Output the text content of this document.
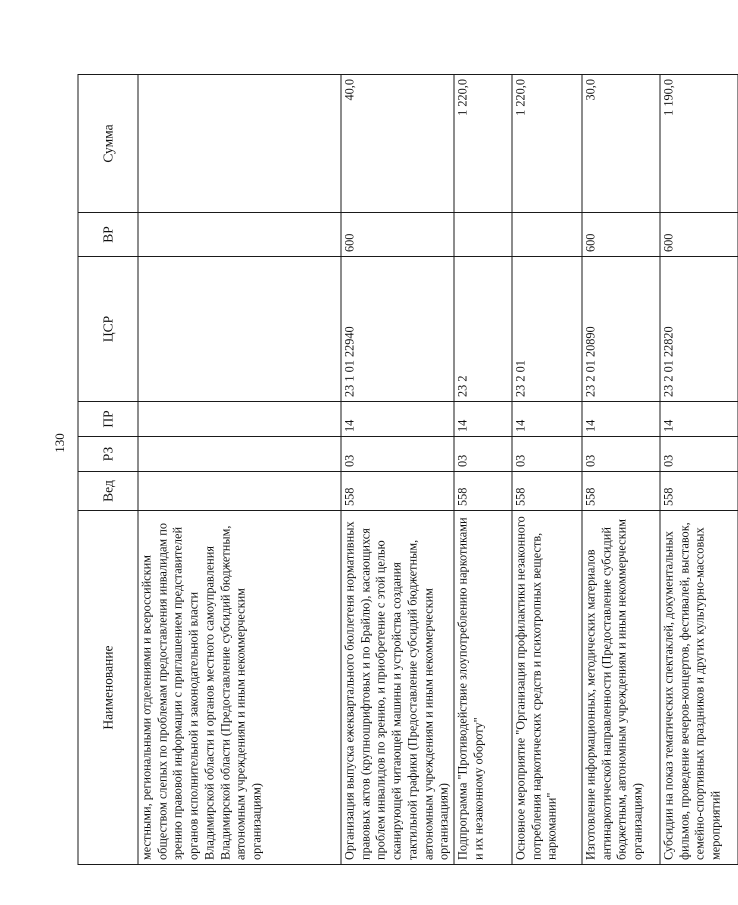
130
Наименование	Вед	РЗ	ПР	ЦСР	ВР	Сумма
местными, региональными отделениями и всероссийским обществом слепых по проблемам предоставления инвалидам по зрению правовой информации с приглашением представителей органов исполнительной и законодательной власти Владимирской области и органов местного самоуправления Владимирской области (Предоставление субсидий бюджетным, автономным учреждениям и иным некоммерческим организациям)						
Организация выпуска ежеквартального бюллетеня нормативных правовых актов (крупношрифтовых и по Брайлю), касающихся проблем инвалидов по зрению, и приобретение с этой целью сканирующей читающей машины и устройства создания тактильной графики (Предоставление субсидий бюджетным, автономным учреждениям и иным некоммерческим организациям)	558	03	14	23 1 01 22940	600	40,0
Подпрограмма "Противодействие злоупотреблению наркотиками и их незаконному обороту"	558	03	14	23 2		1 220,0
Основное мероприятие "Организация профилактики незаконного потребления наркотических средств и психотропных веществ, наркомании"	558	03	14	23 2 01		1 220,0
Изготовление информационных, методических материалов антинаркотической направленности (Предоставление субсидий бюджетным, автономным учреждениям и иным некоммерческим организациям)	558	03	14	23 2 01 20890	600	30,0
Субсидии на показ тематических спектаклей, документальных фильмов, проведение вечеров-концертов, фестивалей, выставок, семейно-спортивных праздников и других культурно-массовых мероприятий	558	03	14	23 2 01 22820	600	1 190,0
